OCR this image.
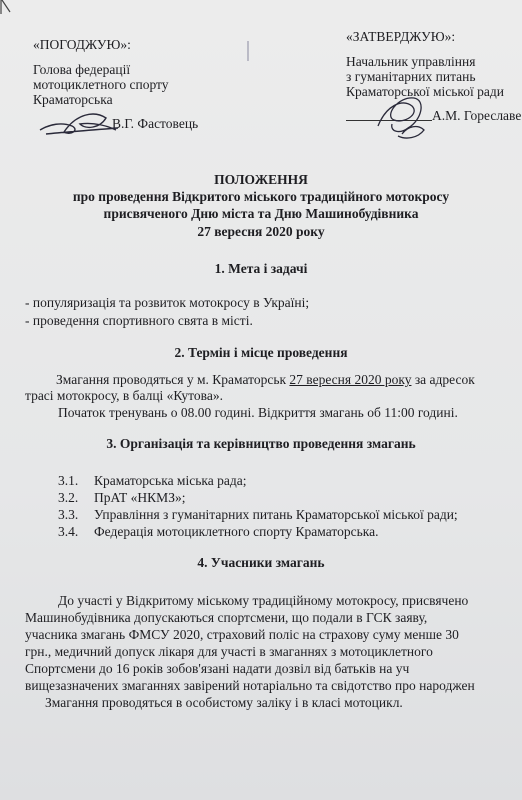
«ПОГОДЖУЮ»:
Голова федерації
мотоциклетного спорту
Краматорська
В.Г. Фастовець
«ЗАТВЕРДЖУЮ»:
Начальник управління
з гуманітарних питань
Краматорської міської ради
А.М. Гореславе
ПОЛОЖЕННЯ
про проведення Відкритого міського традиційного мотокросу
присвяченого Дню міста та Дню Машинобудівника
27 вересня 2020 року
1. Мета і задачі
- популяризація та розвиток мотокросу в Україні;
- проведення спортивного свята в місті.
2. Термін і місце проведення
Змагання проводяться у м. Краматорськ 27 вересня 2020 року за адресок
трасі мотокросу, в балці «Кутова».
Початок тренувань о 08.00 годині. Відкриття змагань об 11:00 годині.
3. Організація та керівництво проведення змагань
3.1. Краматорська міська рада;
3.2. ПрАТ «НКМЗ»;
3.3. Управління з гуманітарних питань Краматорської міської ради;
3.4. Федерація мотоциклетного спорту Краматорська.
4. Учасники змагань
До участі у Відкритому міському традиційному мотокросу, присвячено
Машинобудівника допускаються спортсмени, що подали в ГСК заяву,
учасника змагань ФМСУ 2020, страховий поліс на страхову суму менше 30
грн., медичний допуск лікаря для участі в змаганнях з мотоциклетного
Спортсмени до 16 років зобов'язані надати дозвіл від батьків на уч
вищезазначених змаганнях завірений нотаріально та свідотство про народжен
Змагання проводяться в особистому заліку і в класі мотоцикл.
